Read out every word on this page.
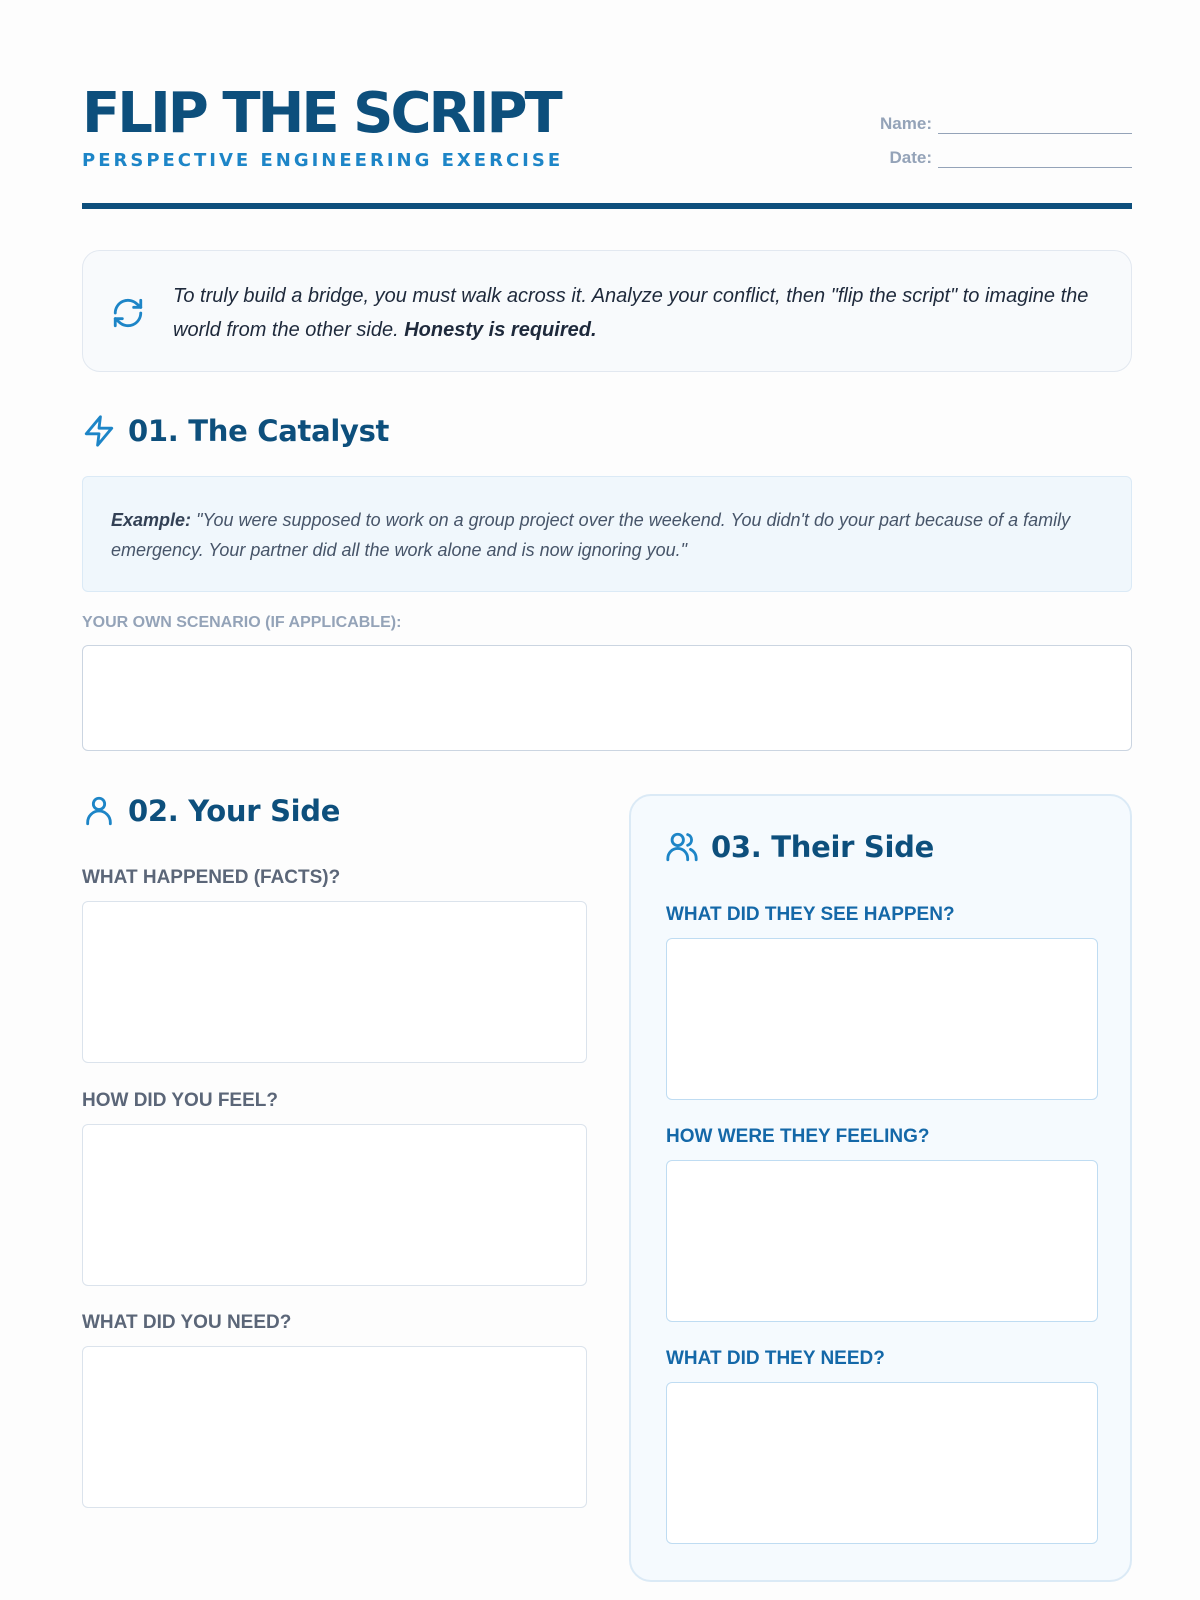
FLIP THE SCRIPT
PERSPECTIVE ENGINEERING EXERCISE
Name:
Date:

To truly build a bridge, you must walk across it. Analyze your conflict, then "flip the script" to imagine the world from the other side. Honesty is required.

01. The Catalyst

Example: "You were supposed to work on a group project over the weekend. You didn't do your part because of a family emergency. Your partner did all the work alone and is now ignoring you."

YOUR OWN SCENARIO (IF APPLICABLE):
02. Your Side
WHAT HAPPENED (FACTS)?
HOW DID YOU FEEL?
WHAT DID YOU NEED?
03. Their Side
WHAT DID THEY SEE HAPPEN?
HOW WERE THEY FEELING?
WHAT DID THEY NEED?
